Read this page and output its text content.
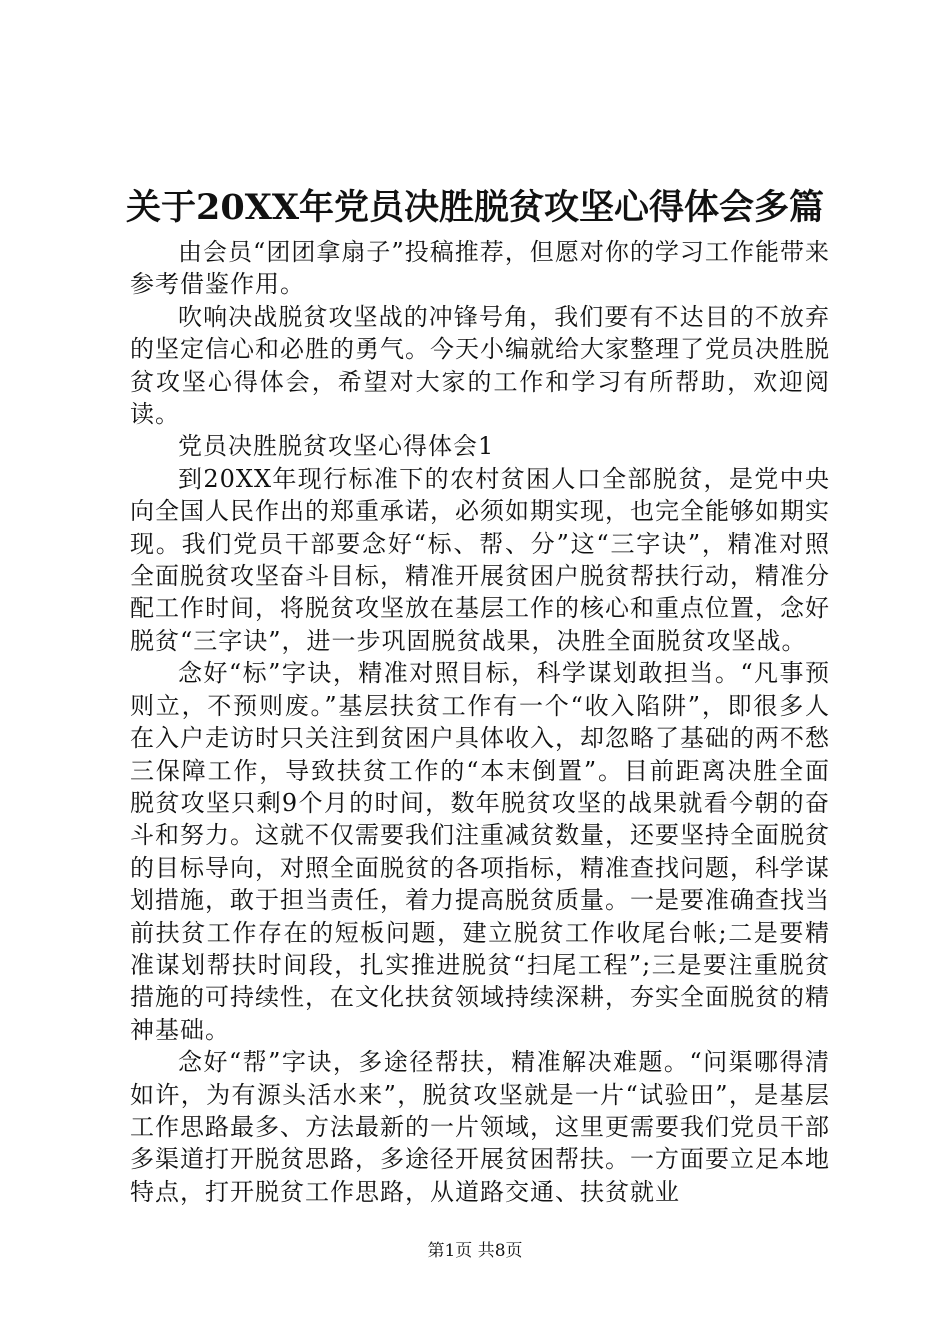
关于20XX年党员决胜脱贫攻坚心得体会多篇

由会员“团团拿扇子”投稿推荐，但愿对你的学习工作能带来参考借鉴作用。

吹响决战脱贫攻坚战的冲锋号角，我们要有不达目的不放弃的坚定信心和必胜的勇气。今天小编就给大家整理了党员决胜脱贫攻坚心得体会，希望对大家的工作和学习有所帮助，欢迎阅读。

党员决胜脱贫攻坚心得体会1

到20XX年现行标准下的农村贫困人口全部脱贫，是党中央向全国人民作出的郑重承诺，必须如期实现，也完全能够如期实现。我们党员干部要念好“标、帮、分”这“三字诀”，精准对照全面脱贫攻坚奋斗目标，精准开展贫困户脱贫帮扶行动，精准分配工作时间，将脱贫攻坚放在基层工作的核心和重点位置，念好脱贫“三字诀”，进一步巩固脱贫战果，决胜全面脱贫攻坚战。

念好“标”字诀，精准对照目标，科学谋划敢担当。“凡事预则立，不预则废。”基层扶贫工作有一个“收入陷阱”，即很多人在入户走访时只关注到贫困户具体收入，却忽略了基础的两不愁三保障工作，导致扶贫工作的“本末倒置”。目前距离决胜全面脱贫攻坚只剩9个月的时间，数年脱贫攻坚的战果就看今朝的奋斗和努力。这就不仅需要我们注重减贫数量，还要坚持全面脱贫的目标导向，对照全面脱贫的各项指标，精准查找问题，科学谋划措施，敢于担当责任，着力提高脱贫质量。一是要准确查找当前扶贫工作存在的短板问题，建立脱贫工作收尾台帐;二是要精准谋划帮扶时间段，扎实推进脱贫“扫尾工程”;三是要注重脱贫措施的可持续性，在文化扶贫领域持续深耕，夯实全面脱贫的精神基础。

念好“帮”字诀，多途径帮扶，精准解决难题。“问渠哪得清如许，为有源头活水来”，脱贫攻坚就是一片“试验田”，是基层工作思路最多、方法最新的一片领域，这里更需要我们党员干部多渠道打开脱贫思路，多途径开展贫困帮扶。一方面要立足本地特点，打开脱贫工作思路，从道路交通、扶贫就业

第1页 共8页
